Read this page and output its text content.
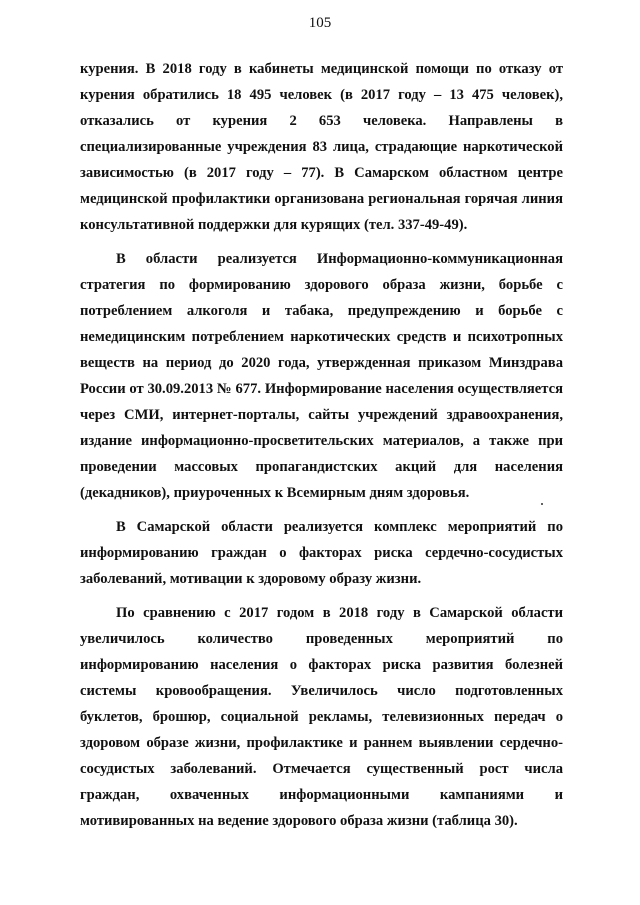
105

курения. В 2018 году в кабинеты медицинской помощи по отказу от курения обратились 18 495 человек (в 2017 году – 13 475 человек), отказались от курения 2 653 человека. Направлены в специализированные учреждения 83 лица, страдающие наркотической зависимостью (в 2017 году – 77). В Самарском областном центре медицинской профилактики организована региональная горячая линия консультативной поддержки для курящих (тел. 337-49-49).

В области реализуется Информационно-коммуникационная стратегия по формированию здорового образа жизни, борьбе с потреблением алкоголя и табака, предупреждению и борьбе с немедицинским потреблением наркотических средств и психотропных веществ на период до 2020 года, утвержденная приказом Минздрава России от 30.09.2013 № 677. Информирование населения осуществляется через СМИ, интернет-порталы, сайты учреждений здравоохранения, издание информационно-просветительских материалов, а также при проведении массовых пропагандистских акций для населения (декадников), приуроченных к Всемирным дням здоровья.

В Самарской области реализуется комплекс мероприятий по информированию граждан о факторах риска сердечно-сосудистых заболеваний, мотивации к здоровому образу жизни.

По сравнению с 2017 годом в 2018 году в Самарской области увеличилось количество проведенных мероприятий по информированию населения о факторах риска развития болезней системы кровообращения. Увеличилось число подготовленных буклетов, брошюр, социальной рекламы, телевизионных передач о здоровом образе жизни, профилактике и раннем выявлении сердечно-сосудистых заболеваний. Отмечается существенный рост числа граждан, охваченных информационными кампаниями и мотивированных на ведение здорового образа жизни (таблица 30).
